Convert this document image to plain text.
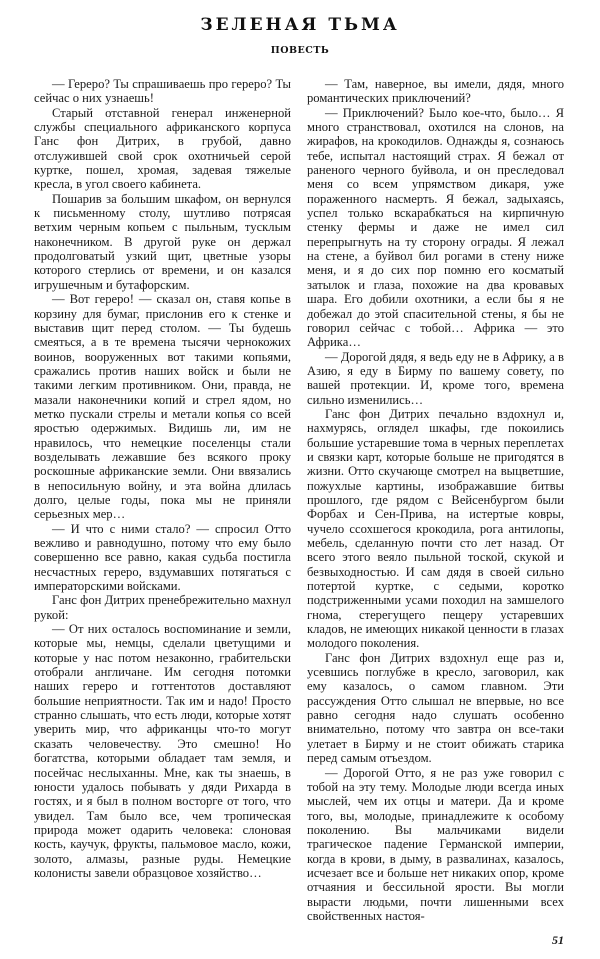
ЗЕЛЕНАЯ ТЬМА
ПОВЕСТЬ

— Гереро? Ты спрашиваешь про гереро? Ты сейчас о них узнаешь!

Старый отставной генерал инженерной службы специального африканского корпуса Ганс фон Дитрих, в грубой, давно отслужившей свой срок охотничьей серой куртке, пошел, хромая, задевая тяжелые кресла, в угол своего кабинета.

Пошарив за большим шкафом, он вернулся к письменному столу, шутливо потрясая ветхим черным копьем с пыльным, тусклым наконечником. В другой руке он держал продолговатый узкий щит, цветные узоры которого стерлись от времени, и он казался игрушечным и бутафорским.

— Вот гереро! — сказал он, ставя копье в корзину для бумаг, прислонив его к стенке и выставив щит перед столом. — Ты будешь смеяться, а в те времена тысячи чернокожих воинов, вооруженных вот такими копьями, сражались против наших войск и были не такими легким противником. Они, правда, не мазали наконечники копий и стрел ядом, но метко пускали стрелы и метали копья со всей яростью одержимых. Видишь ли, им не нравилось, что немецкие поселенцы стали возделывать лежавшие без всякого проку роскошные африканские земли. Они ввязались в непосильную войну, и эта война длилась долго, целые годы, пока мы не приняли серьезных мер…

— И что с ними стало? — спросил Отто вежливо и равнодушно, потому что ему было совершенно все равно, какая судьба постигла несчастных гереро, вздумавших потягаться с императорскими войсками.

Ганс фон Дитрих пренебрежительно махнул рукой:

— От них осталось воспоминание и земли, которые мы, немцы, сделали цветущими и которые у нас потом незаконно, грабительски отобрали англичане. Им сегодня потомки наших гереро и готтентотов доставляют большие неприятности. Так им и надо! Просто странно слышать, что есть люди, которые хотят уверить мир, что африканцы что-то могут сказать человечеству. Это смешно! Но богатства, которыми обладает там земля, и посейчас неслыханны. Мне, как ты знаешь, в юности удалось побывать у дяди Рихарда в гостях, и я был в полном восторге от того, что увидел. Там было все, чем тропическая природа может одарить человека: слоновая кость, каучук, фрукты, пальмовое масло, кожи, золото, алмазы, разные руды. Немецкие колонисты завели образцовое хозяйство…

— Там, наверное, вы имели, дядя, много романтических приключений?

— Приключений? Было кое-что, было… Я много странствовал, охотился на слонов, на жирафов, на крокодилов. Однажды я, сознаюсь тебе, испытал настоящий страх. Я бежал от раненого черного буйвола, и он преследовал меня со всем упрямством дикаря, уже пораженного насмерть. Я бежал, задыхаясь, успел только вскарабкаться на кирпичную стенку фермы и даже не имел сил перепрыгнуть на ту сторону ограды. Я лежал на стене, а буйвол бил рогами в стену ниже меня, и я до сих пор помню его косматый затылок и глаза, похожие на два кровавых шара. Его добили охотники, а если бы я не добежал до этой спасительной стены, я бы не говорил сейчас с тобой… Африка — это Африка…

— Дорогой дядя, я ведь еду не в Африку, а в Азию, я еду в Бирму по вашему совету, по вашей протекции. И, кроме того, времена сильно изменились…

Ганс фон Дитрих печально вздохнул и, нахмурясь, оглядел шкафы, где покоились большие устаревшие тома в черных переплетах и связки карт, которые больше не пригодятся в жизни. Отто скучающе смотрел на выцветшие, пожухлые картины, изображавшие битвы прошлого, где рядом с Вейсенбургом были Форбах и Сен-Прива, на истертые ковры, чучело ссохшегося крокодила, рога антилопы, мебель, сделанную почти сто лет назад. От всего этого веяло пыльной тоской, скукой и безвыходностью. И сам дядя в своей сильно потертой куртке, с седыми, коротко подстриженными усами походил на замшелого гнома, стерегущего пещеру устаревших кладов, не имеющих никакой ценности в глазах молодого поколения.

Ганс фон Дитрих вздохнул еще раз и, усевшись поглубже в кресло, заговорил, как ему казалось, о самом главном. Эти рассуждения Отто слышал не впервые, но все равно сегодня надо слушать особенно внимательно, потому что завтра он все-таки улетает в Бирму и не стоит обижать старика перед самым отъездом.

— Дорогой Отто, я не раз уже говорил с тобой на эту тему. Молодые люди всегда иных мыслей, чем их отцы и матери. Да и кроме того, вы, молодые, принадлежите к особому поколению. Вы мальчиками видели трагическое падение Германской империи, когда в крови, в дыму, в развалинах, казалось, исчезает все и больше нет никаких опор, кроме отчаяния и бессильной ярости. Вы могли вырасти людьми, почти лишенными всех свойственных настоя-

51
